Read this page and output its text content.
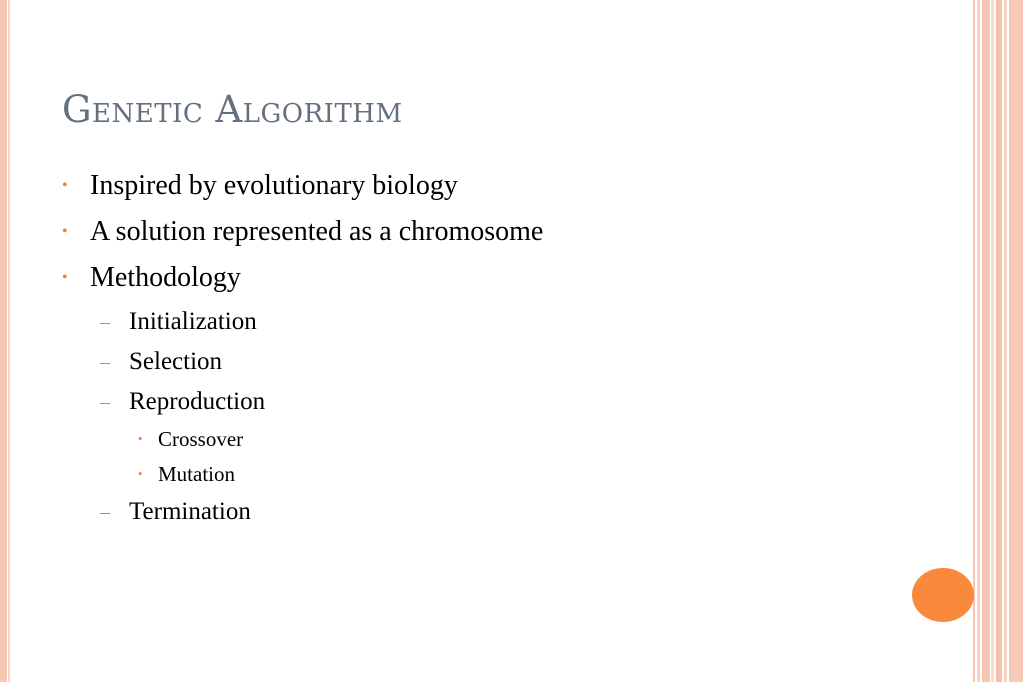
Genetic Algorithm
• Inspired by evolutionary biology
• A solution represented as a chromosome
• Methodology
– Initialization
– Selection
– Reproduction
• Crossover
• Mutation
– Termination
